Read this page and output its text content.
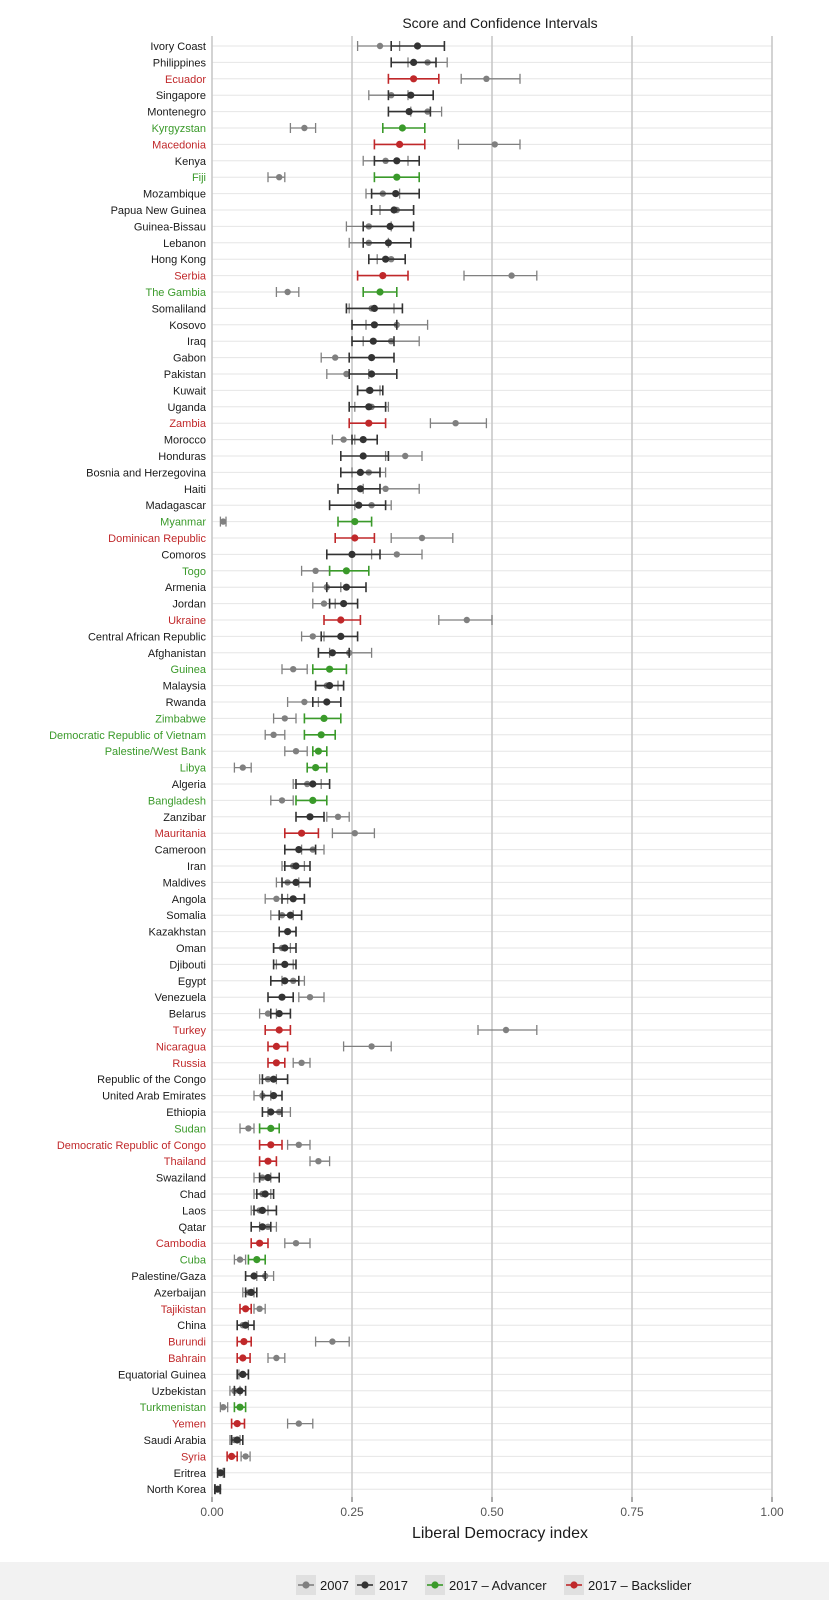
Ivory Coast
Philippines
Ecuador
Singapore
Montenegro
Kyrgyzstan
Macedonia
Kenya
Fiji
Mozambique
Papua New Guinea
Guinea-Bissau
Lebanon
Hong Kong
Serbia
The Gambia
Somaliland
Kosovo
Iraq
Gabon
Pakistan
Kuwait
Uganda
Zambia
Morocco
Honduras
Bosnia and Herzegovina
Haiti
Madagascar
Myanmar
Dominican Republic
Comoros
Togo
Armenia
Jordan
Ukraine
Central African Republic
Afghanistan
Guinea
Malaysia
Rwanda
Zimbabwe
Democratic Republic of Vietnam
Palestine/West Bank
Libya
Algeria
Bangladesh
Zanzibar
Mauritania
Cameroon
Iran
Maldives
Angola
Somalia
Kazakhstan
Oman
Djibouti
Egypt
Venezuela
Belarus
Turkey
Nicaragua
Russia
Republic of the Congo
United Arab Emirates
Ethiopia
Sudan
Democratic Republic of Congo
Thailand
Swaziland
Chad
Laos
Qatar
Cambodia
Cuba
Palestine/Gaza
Azerbaijan
Tajikistan
China
Burundi
Bahrain
Equatorial Guinea
Uzbekistan
Turkmenistan
Yemen
Saudi Arabia
Syria
Eritrea
North Korea
0.00	0.25	0.50	0.75	1.00
Score and Confidence Intervals
Liberal Democracy index
2007 2017	2017 – Advancer	2017 – Backslider
